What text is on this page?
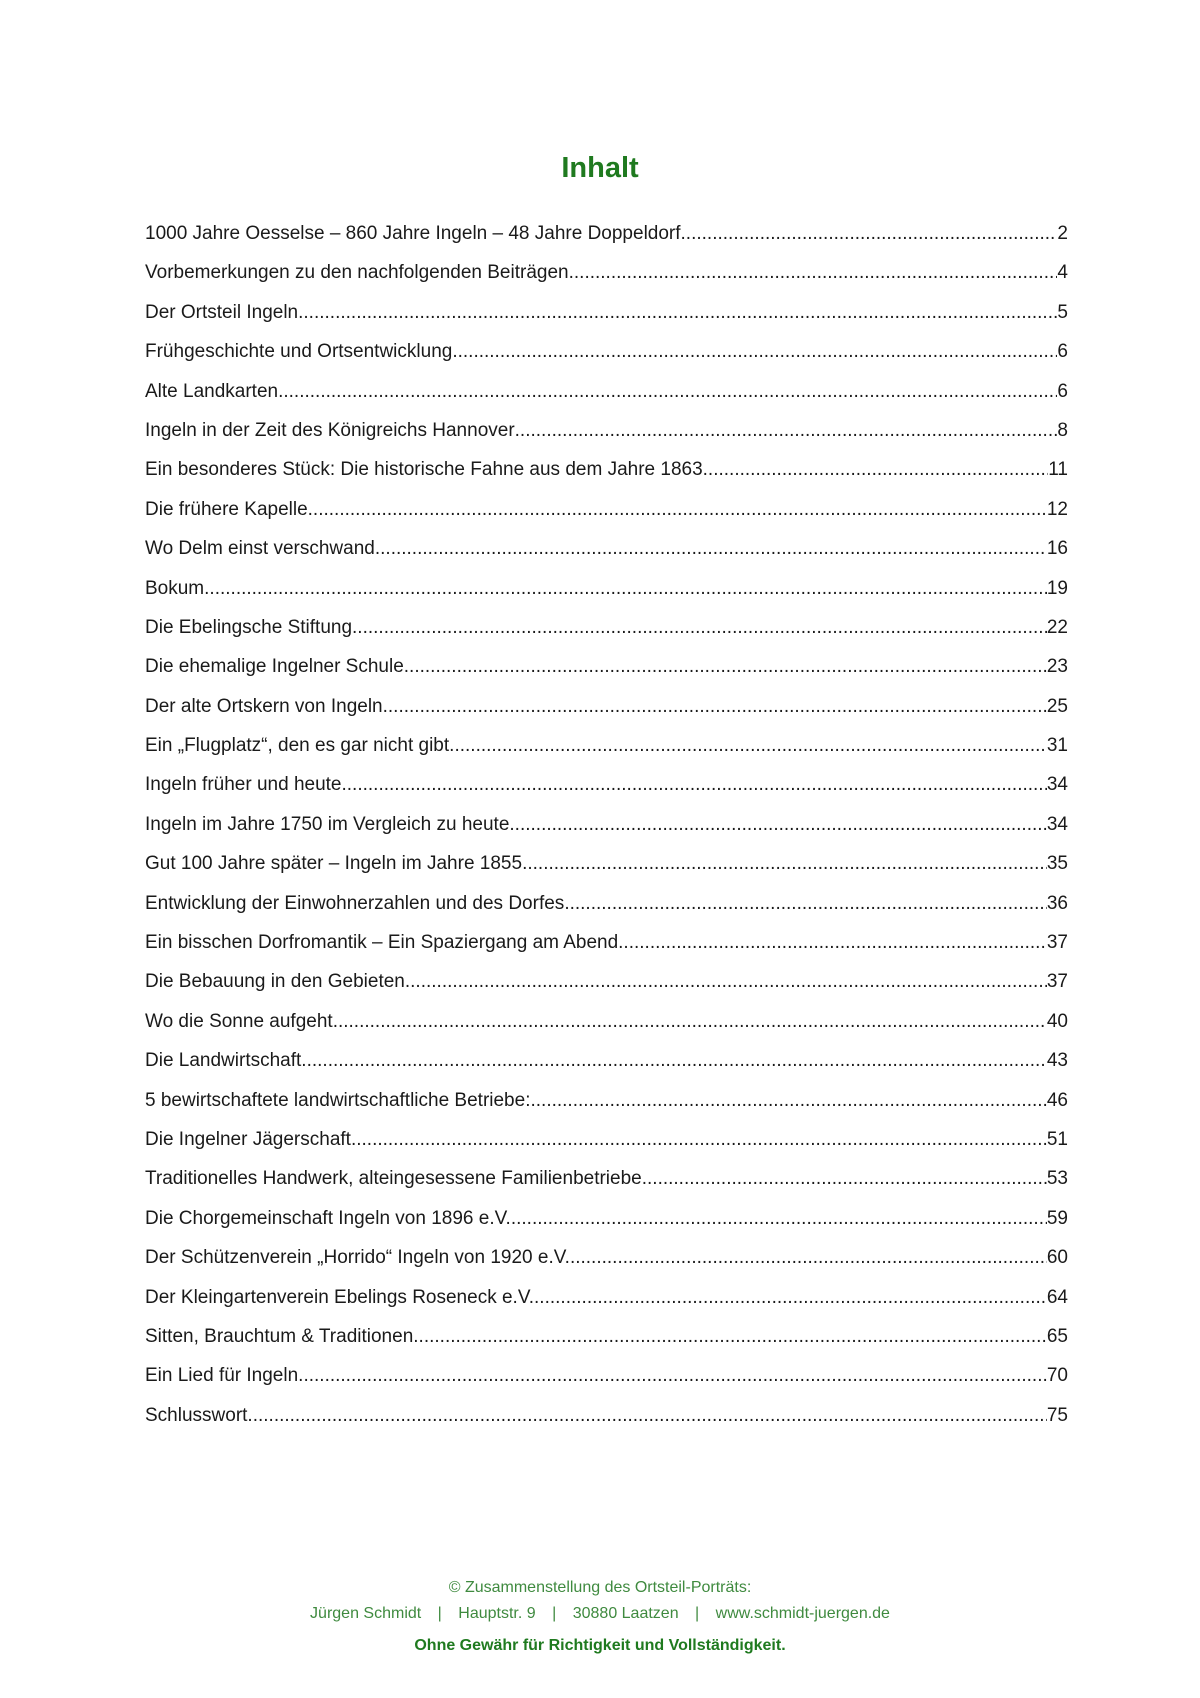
Inhalt
1000 Jahre Oesselse – 860 Jahre Ingeln – 48 Jahre Doppeldorf .....	2
Vorbemerkungen zu den nachfolgenden Beiträgen .....	4
Der Ortsteil Ingeln .....	5
Frühgeschichte und Ortsentwicklung .....	6
Alte Landkarten .....	6
Ingeln in der Zeit des Königreichs Hannover .....	8
Ein besonderes Stück: Die historische Fahne aus dem Jahre 1863 .....	11
Die frühere Kapelle .....	12
Wo Delm einst verschwand .....	16
Bokum .....	19
Die Ebelingsche Stiftung .....	22
Die ehemalige Ingelner Schule .....	23
Der alte Ortskern von Ingeln .....	25
Ein „Flugplatz“, den es gar nicht gibt .....	31
Ingeln früher und heute .....	34
Ingeln im Jahre 1750 im Vergleich zu heute .....	34
Gut 100 Jahre später – Ingeln im Jahre 1855 .....	35
Entwicklung der Einwohnerzahlen und des Dorfes .....	36
Ein bisschen Dorfromantik – Ein Spaziergang am Abend .....	37
Die Bebauung in den Gebieten .....	37
Wo die Sonne aufgeht .....	40
Die Landwirtschaft .....	43
5 bewirtschaftete landwirtschaftliche Betriebe: .....	46
Die Ingelner Jägerschaft .....	51
Traditionelles Handwerk, alteingesessene Familienbetriebe .....	53
Die Chorgemeinschaft Ingeln von 1896 e.V. .....	59
Der Schützenverein „Horrido“ Ingeln von 1920 e.V. .....	60
Der Kleingartenverein Ebelings Roseneck e.V. .....	64
Sitten, Brauchtum & Traditionen .....	65
Ein Lied für Ingeln .....	70
Schlusswort .....	75

© Zusammenstellung des Ortsteil-Porträts:

Jürgen Schmidt | Hauptstr. 9 | 30880 Laatzen | www.schmidt-juergen.de

Ohne Gewähr für Richtigkeit und Vollständigkeit.
